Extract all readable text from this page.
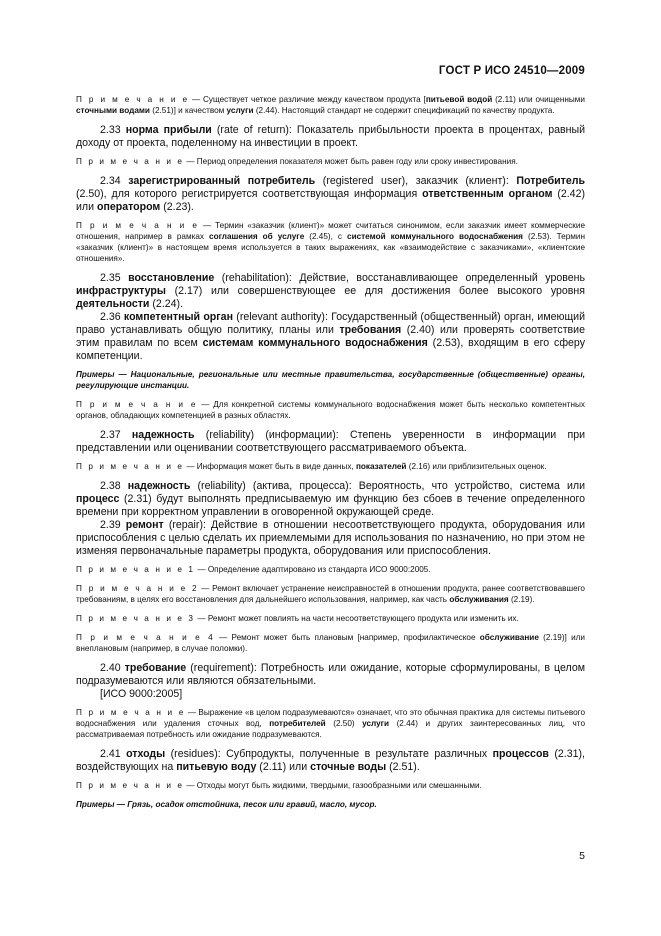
ГОСТ Р ИСО 24510—2009

П р и м е ч а н и е — Существует четкое различие между качеством продукта [питьевой водой (2.11) или очищенными сточными водами (2.51)] и качеством услуги (2.44). Настоящий стандарт не содержит спецификаций по качеству продукта.

2.33 норма прибыли (rate of return): Показатель прибыльности проекта в процентах, равный доходу от проекта, поделенному на инвестиции в проект.

П р и м е ч а н и е — Период определения показателя может быть равен году или сроку инвестирования.

2.34 зарегистрированный потребитель (registered user), заказчик (клиент): Потребитель (2.50), для которого регистрируется соответствующая информация ответственным органом (2.42) или оператором (2.23).

П р и м е ч а н и е — Термин «заказчик (клиент)» может считаться синонимом, если заказчик имеет коммерческие отношения, например в рамках соглашения об услуге (2.45), с системой коммунального водоснабжения (2.53). Термин «заказчик (клиент)» в настоящем время используется в таких выражениях, как «взаимодействие с заказчиками», «клиентские отношения».

2.35 восстановление (rehabilitation): Действие, восстанавливающее определенный уровень инфраструктуры (2.17) или совершенствующее ее для достижения более высокого уровня деятельности (2.24).

2.36 компетентный орган (relevant authority): Государственный (общественный) орган, имеющий право устанавливать общую политику, планы или требования (2.40) или проверять соответствие этим правилам по всем системам коммунального водоснабжения (2.53), входящим в его сферу компетенции.

Примеры — Национальные, региональные или местные правительства, государственные (общественные) органы, регулирующие инстанции.

П р и м е ч а н и е — Для конкретной системы коммунального водоснабжения может быть несколько компетентных органов, обладающих компетенцией в разных областях.

2.37 надежность (reliability) (информации): Степень уверенности в информации при представлении или оценивании соответствующего рассматриваемого объекта.

П р и м е ч а н и е — Информация может быть в виде данных, показателей (2.16) или приблизительных оценок.

2.38 надежность (reliability) (актива, процесса): Вероятность, что устройство, система или процесс (2.31) будут выполнять предписываемую им функцию без сбоев в течение определенного времени при корректном управлении в оговоренной окружающей среде.

2.39 ремонт (repair): Действие в отношении несоответствующего продукта, оборудования или приспособления с целью сделать их приемлемыми для использования по назначению, но при этом не изменяя первоначальные параметры продукта, оборудования или приспособления.

П р и м е ч а н и е 1 — Определение адаптировано из стандарта ИСО 9000:2005.

П р и м е ч а н и е 2 — Ремонт включает устранение неисправностей в отношении продукта, ранее соответствовавшего требованиям, в целях его восстановления для дальнейшего использования, например, как часть обслуживания (2.19).

П р и м е ч а н и е 3 — Ремонт может повлиять на части несоответствующего продукта или изменить их.

П р и м е ч а н и е 4 — Ремонт может быть плановым [например, профилактическое обслуживание (2.19)] или внеплановым (например, в случае поломки).

2.40 требование (requirement): Потребность или ожидание, которые сформулированы, в целом подразумеваются или являются обязательными.

[ИСО 9000:2005]

П р и м е ч а н и е — Выражение «в целом подразумеваются» означает, что это обычная практика для системы питьевого водоснабжения или удаления сточных вод, потребителей (2.50) услуги (2.44) и других заинтересованных лиц, что рассматриваемая потребность или ожидание подразумеваются.

2.41 отходы (residues): Субпродукты, полученные в результате различных процессов (2.31), воздействующих на питьевую воду (2.11) или сточные воды (2.51).

П р и м е ч а н и е — Отходы могут быть жидкими, твердыми, газообразными или смешанными.

Примеры — Грязь, осадок отстойника, песок или гравий, масло, мусор.

5
